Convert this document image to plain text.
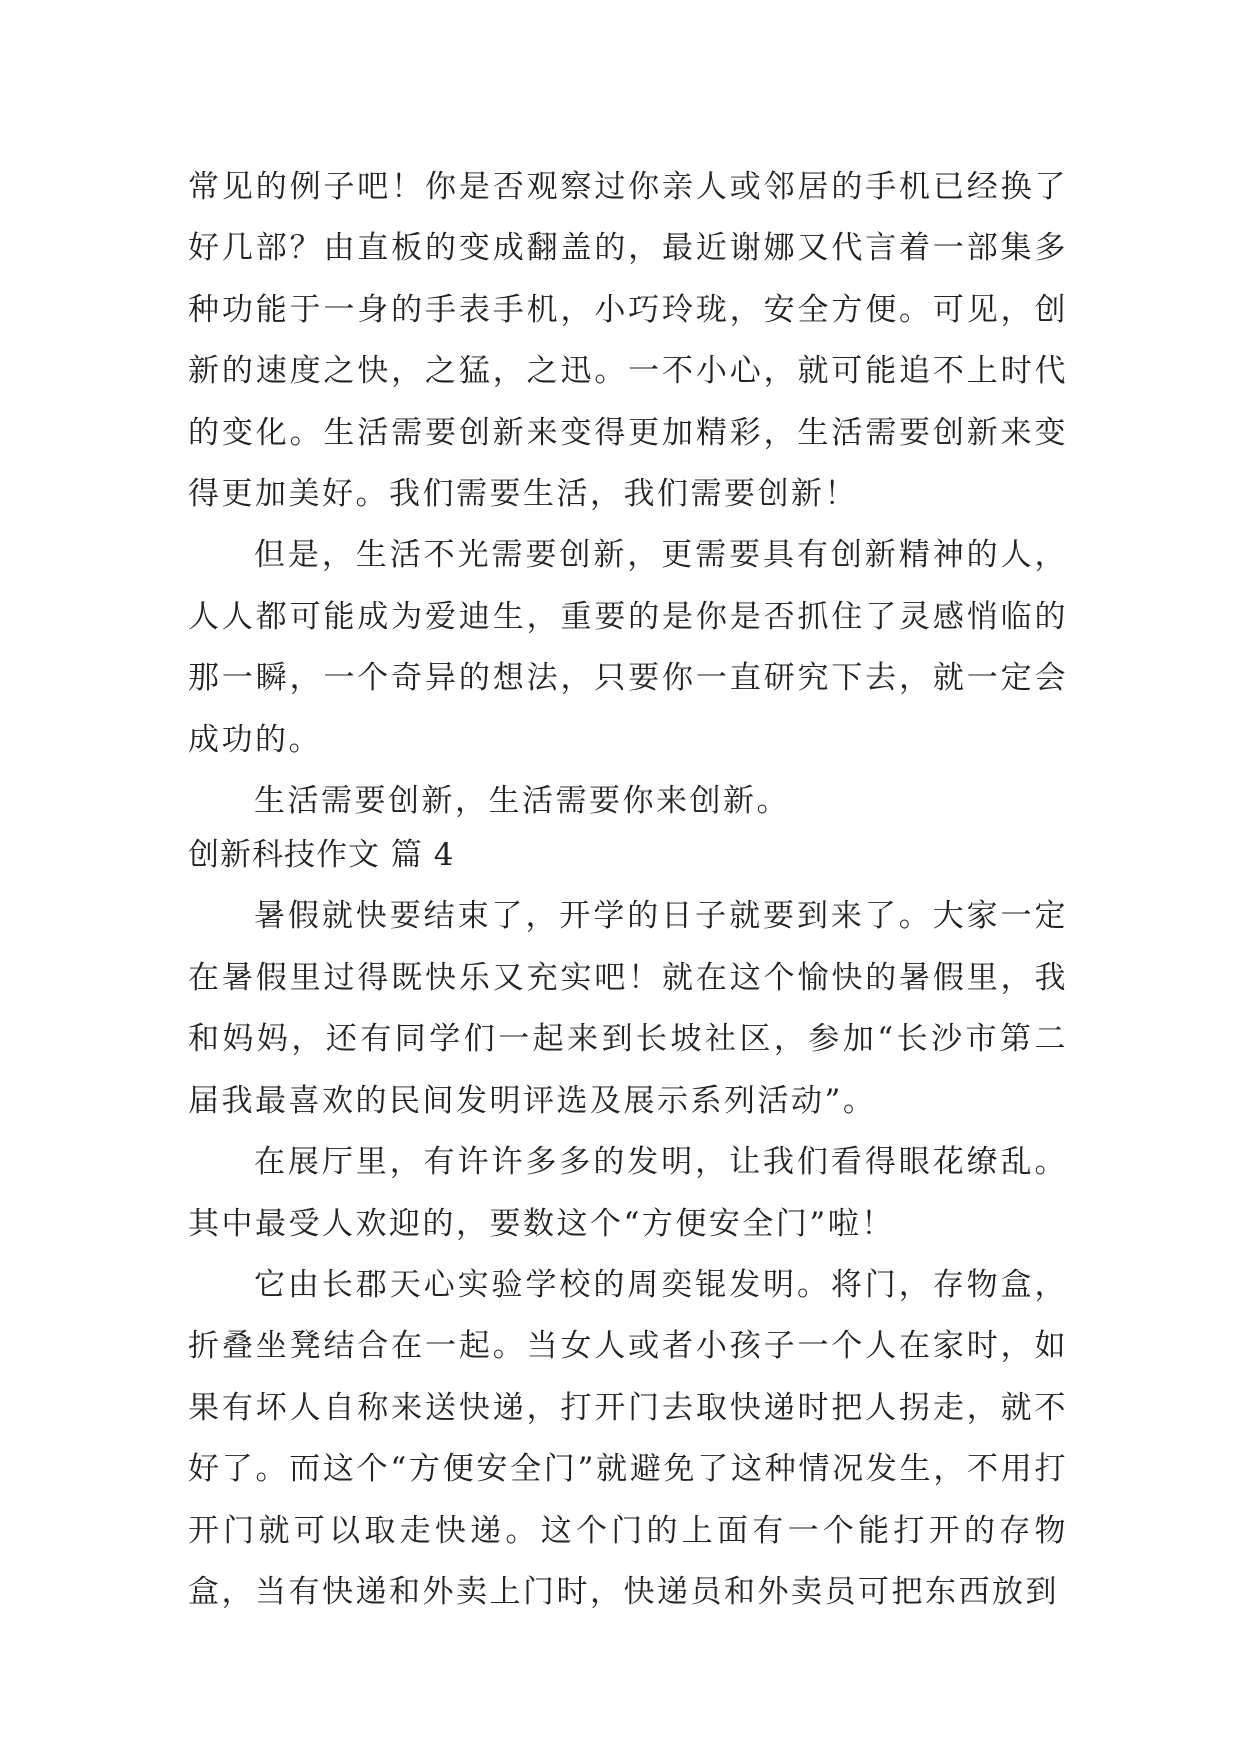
常见的例子吧！你是否观察过你亲人或邻居的手机已经换了好几部？由直板的变成翻盖的，最近谢娜又代言着一部集多种功能于一身的手表手机，小巧玲珑，安全方便。可见，创新的速度之快，之猛，之迅。一不小心，就可能追不上时代的变化。生活需要创新来变得更加精彩，生活需要创新来变得更加美好。我们需要生活，我们需要创新！

但是，生活不光需要创新，更需要具有创新精神的人，人人都可能成为爱迪生，重要的是你是否抓住了灵感悄临的那一瞬，一个奇异的想法，只要你一直研究下去，就一定会成功的。

生活需要创新，生活需要你来创新。

创新科技作文 篇 4

暑假就快要结束了，开学的日子就要到来了。大家一定在暑假里过得既快乐又充实吧！就在这个愉快的暑假里，我和妈妈，还有同学们一起来到长坡社区，参加“长沙市第二届我最喜欢的民间发明评选及展示系列活动”。

在展厅里，有许许多多的发明，让我们看得眼花缭乱。其中最受人欢迎的，要数这个“方便安全门”啦！

它由长郡天心实验学校的周奕锟发明。将门，存物盒，折叠坐凳结合在一起。当女人或者小孩子一个人在家时，如果有坏人自称来送快递，打开门去取快递时把人拐走，就不好了。而这个“方便安全门”就避免了这种情况发生，不用打开门就可以取走快递。这个门的上面有一个能打开的存物盒，当有快递和外卖上门时，快递员和外卖员可把东西放到
